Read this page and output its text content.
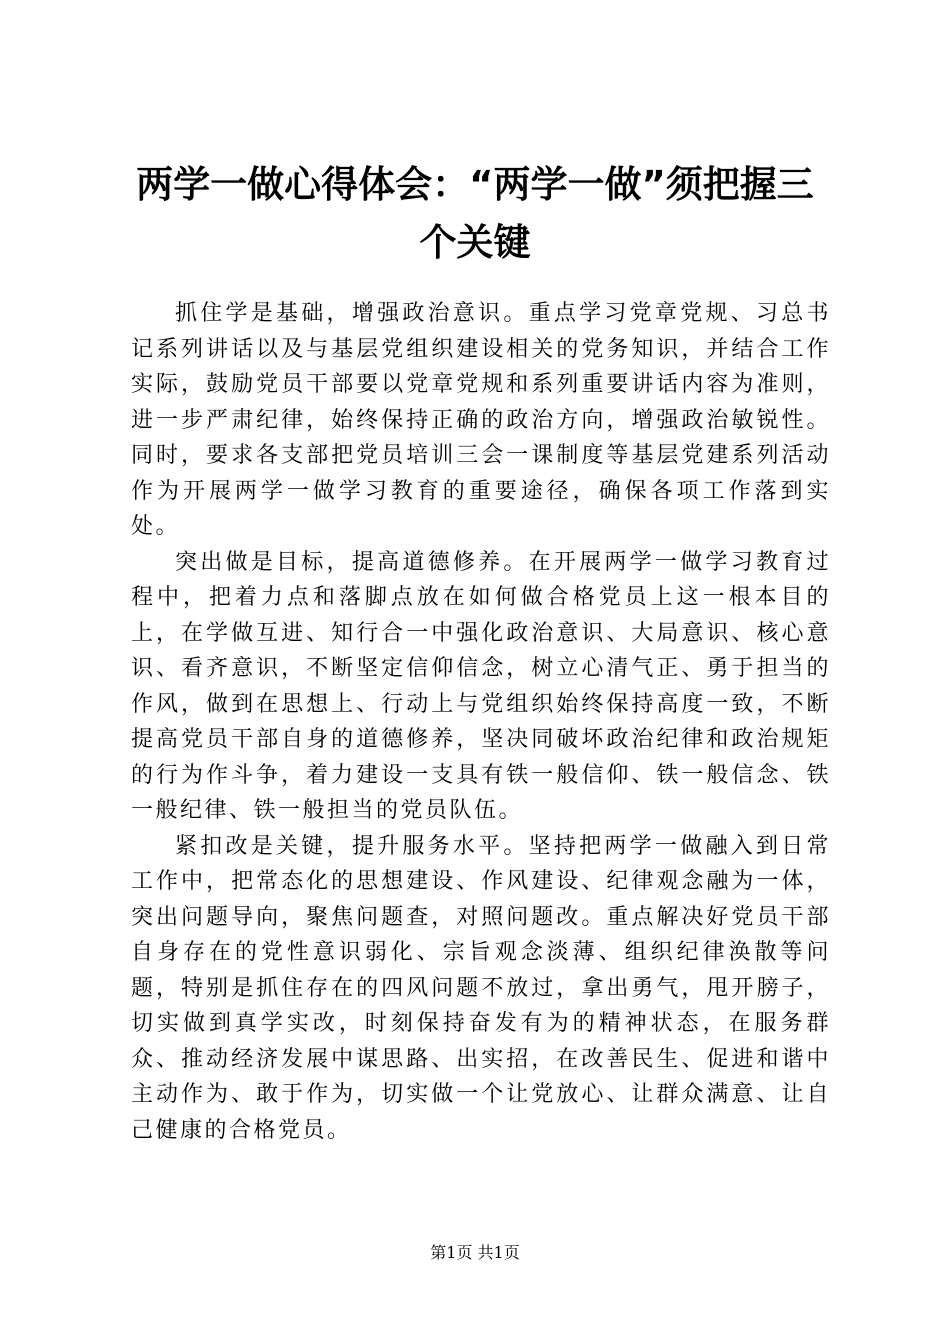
两学一做心得体会：“两学一做”须把握三个关键

抓住学是基础，增强政治意识。重点学习党章党规、习总书记系列讲话以及与基层党组织建设相关的党务知识，并结合工作实际，鼓励党员干部要以党章党规和系列重要讲话内容为准则，进一步严肃纪律，始终保持正确的政治方向，增强政治敏锐性。同时，要求各支部把党员培训三会一课制度等基层党建系列活动作为开展两学一做学习教育的重要途径，确保各项工作落到实处。

突出做是目标，提高道德修养。在开展两学一做学习教育过程中，把着力点和落脚点放在如何做合格党员上这一根本目的上，在学做互进、知行合一中强化政治意识、大局意识、核心意识、看齐意识，不断坚定信仰信念，树立心清气正、勇于担当的作风，做到在思想上、行动上与党组织始终保持高度一致，不断提高党员干部自身的道德修养，坚决同破坏政治纪律和政治规矩的行为作斗争，着力建设一支具有铁一般信仰、铁一般信念、铁一般纪律、铁一般担当的党员队伍。

紧扣改是关键，提升服务水平。坚持把两学一做融入到日常工作中，把常态化的思想建设、作风建设、纪律观念融为一体，突出问题导向，聚焦问题查，对照问题改。重点解决好党员干部自身存在的党性意识弱化、宗旨观念淡薄、组织纪律涣散等问题，特别是抓住存在的四风问题不放过，拿出勇气，甩开膀子，切实做到真学实改，时刻保持奋发有为的精神状态，在服务群众、推动经济发展中谋思路、出实招，在改善民生、促进和谐中主动作为、敢于作为，切实做一个让党放心、让群众满意、让自己健康的合格党员。

第1页 共1页
